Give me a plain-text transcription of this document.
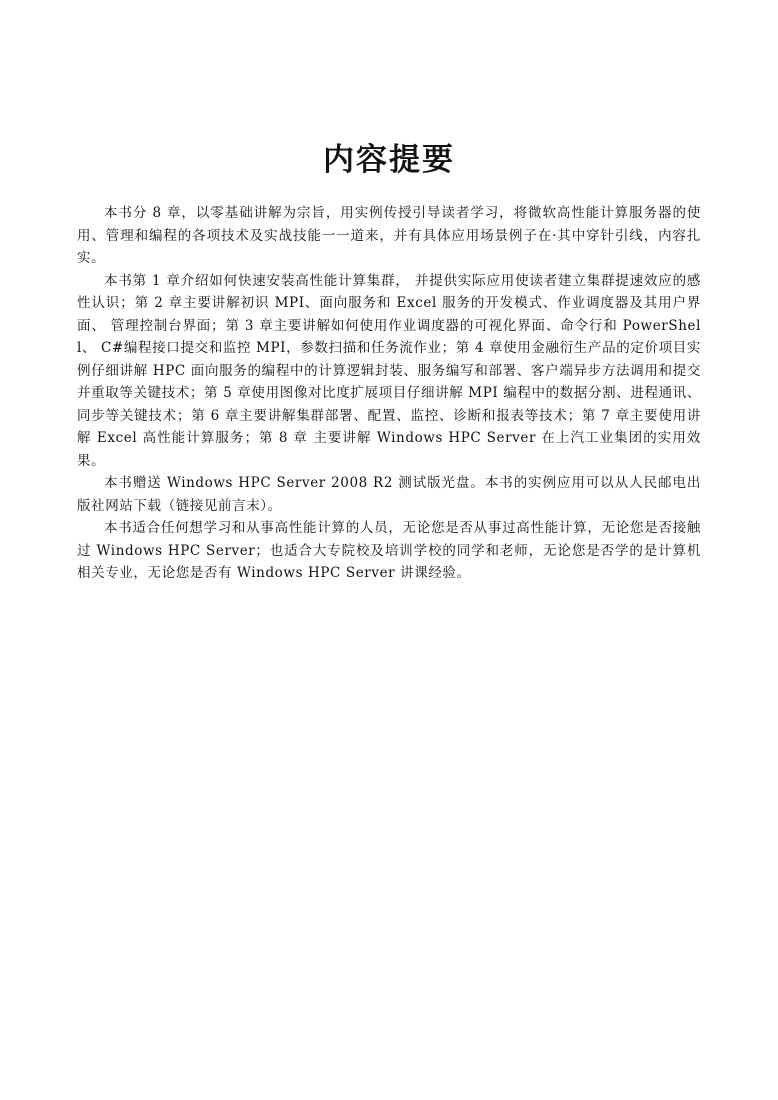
内容提要

本书分 8 章，以零基础讲解为宗旨，用实例传授引导读者学习，将微软高性能计算服务器的使用、管理和编程的各项技术及实战技能一一道来，并有具体应用场景例子在·其中穿针引线，内容扎实。

本书第 1 章介绍如何快速安装高性能计算集群， 并提供实际应用使读者建立集群提速效应的感性认识；第 2 章主要讲解初识 MPI、面向服务和 Excel 服务的开发模式、作业调度器及其用户界面、 管理控制台界面；第 3 章主要讲解如何使用作业调度器的可视化界面、命令行和 PowerShell、 C#编程接口提交和监控 MPI，参数扫描和任务流作业；第 4 章使用金融衍生产品的定价项目实例仔细讲解 HPC 面向服务的编程中的计算逻辑封装、服务编写和部署、客户端异步方法调用和提交并重取等关键技术；第 5 章使用图像对比度扩展项目仔细讲解 MPI 编程中的数据分割、进程通讯、同步等关键技术；第 6 章主要讲解集群部署、配置、监控、诊断和报表等技术；第 7 章主要使用讲解 Excel 高性能计算服务；第 8 章 主要讲解 Windows HPC Server 在上汽工业集团的实用效果。

本书赠送 Windows HPC Server 2008 R2 测试版光盘。本书的实例应用可以从人民邮电出版社网站下载（链接见前言末）。

本书适合任何想学习和从事高性能计算的人员，无论您是否从事过高性能计算，无论您是否接触过 Windows HPC Server；也适合大专院校及培训学校的同学和老师，无论您是否学的是计算机相关专业，无论您是否有 Windows HPC Server 讲课经验。
